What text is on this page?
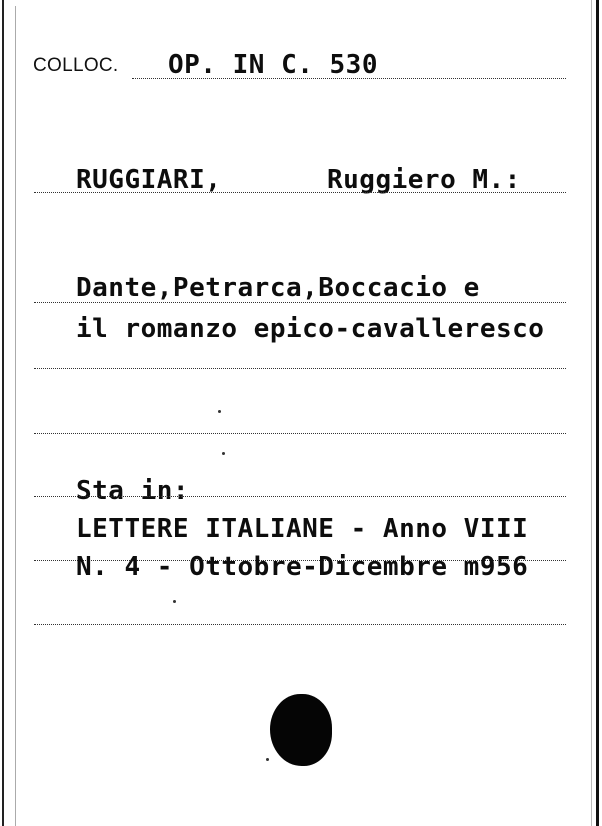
COLLOC. OP. IN C. 530
RUGGIARI,	Ruggiero M.:
Dante,Petrarca,Boccacio e
il romanzo epico-cavalleresco
Sta in:
LETTERE ITALIANE - Anno VIII
N. 4 - Ottobre-Dicembre m956
